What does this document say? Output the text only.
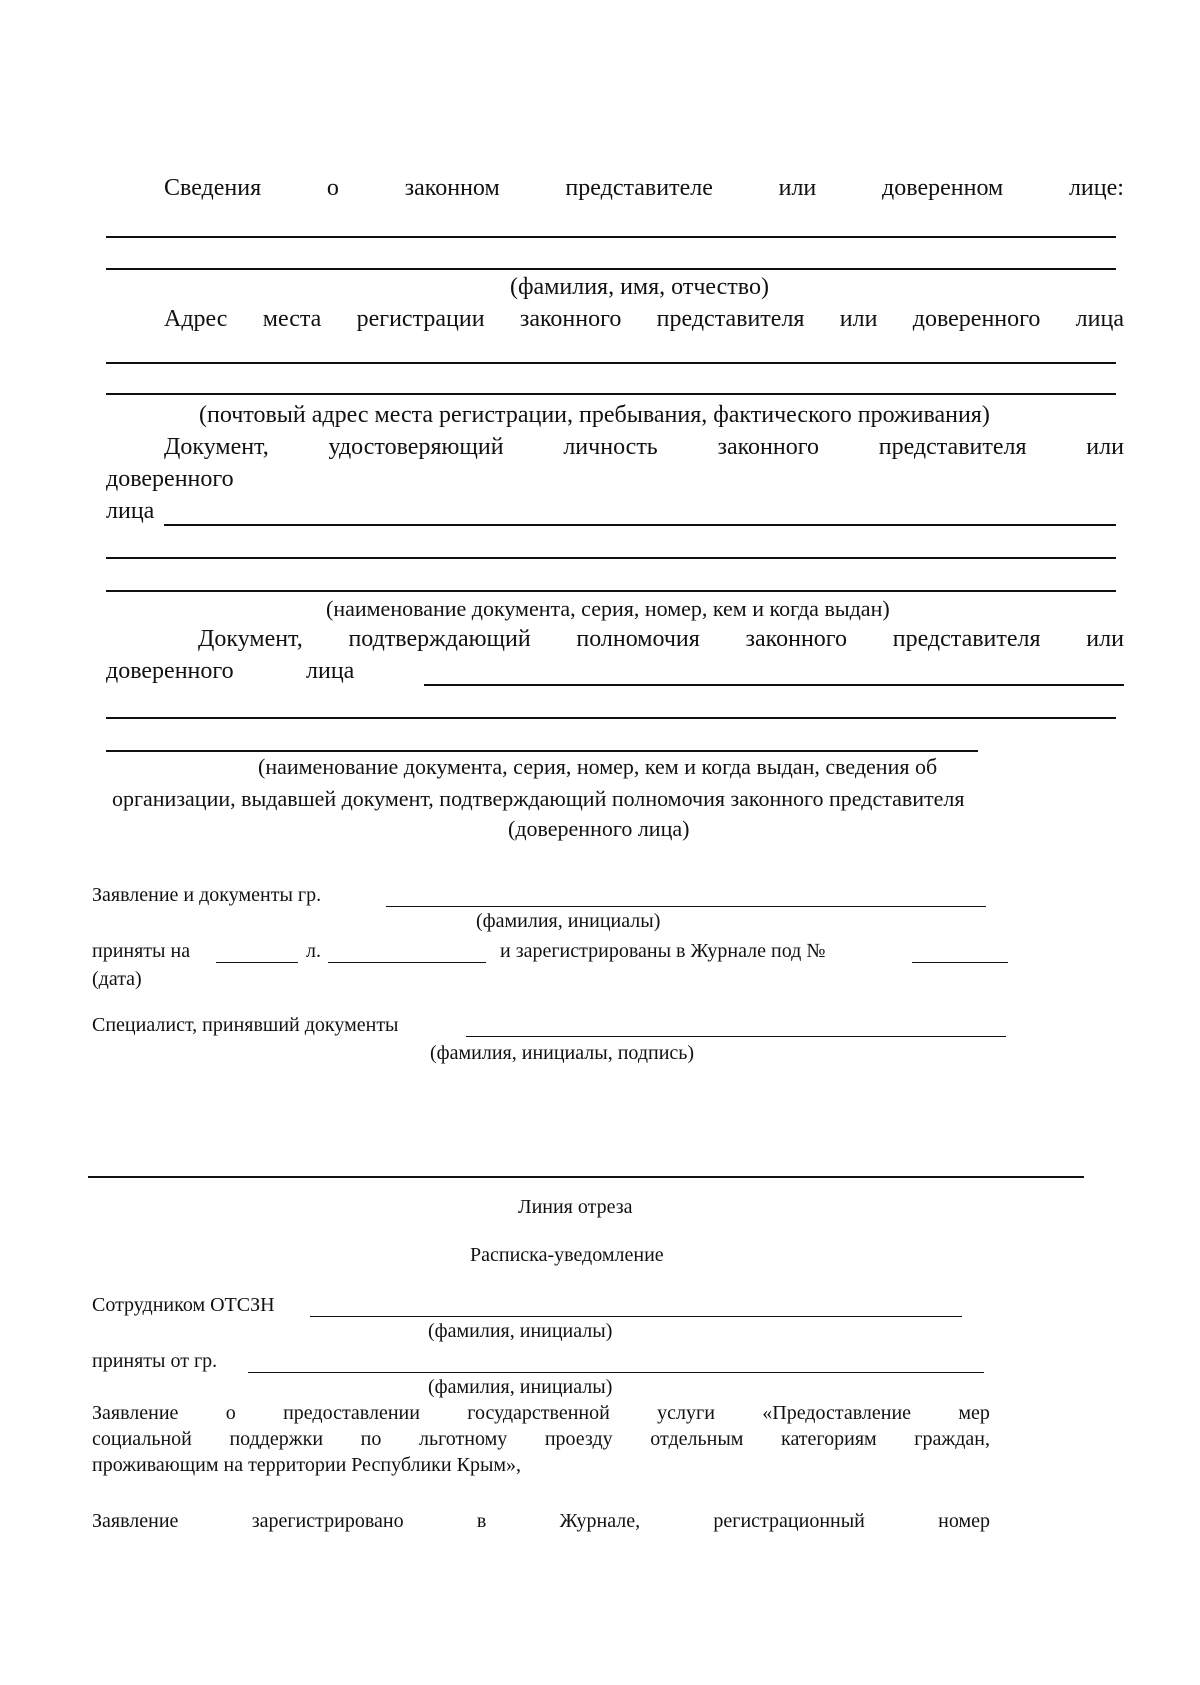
Сведения	о	законном	представителе	или	доверенном	лице:

(фамилия, имя, отчество)

Адрес места регистрации законного представителя или доверенного лица

(почтовый адрес места регистрации, пребывания, фактического проживания)

Документ, удостоверяющий личность законного представителя или

доверенного

лица

(наименование документа, серия, номер, кем и когда выдан)

Документ, подтверждающий полномочия законного представителя или

доверенного	лица

(наименование документа, серия, номер, кем и когда выдан, сведения об

организации, выдавшей документ, подтверждающий полномочия законного представителя

(доверенного лица)

Заявление и документы гр.

(фамилия, инициалы)

приняты на	л.	и зарегистрированы в Журнале под №

(дата)

Специалист, принявший документы

(фамилия, инициалы, подпись)

Линия отреза

Расписка-уведомление

Сотрудником ОТСЗН

(фамилия, инициалы)

приняты от гр.

(фамилия, инициалы)

Заявление о предоставлении государственной услуги «Предоставление мер
социальной поддержки по льготному проезду отдельным категориям граждан,

проживающим на территории Республики Крым»,

Заявление	зарегистрировано	в	Журнале,	регистрационный	номер
